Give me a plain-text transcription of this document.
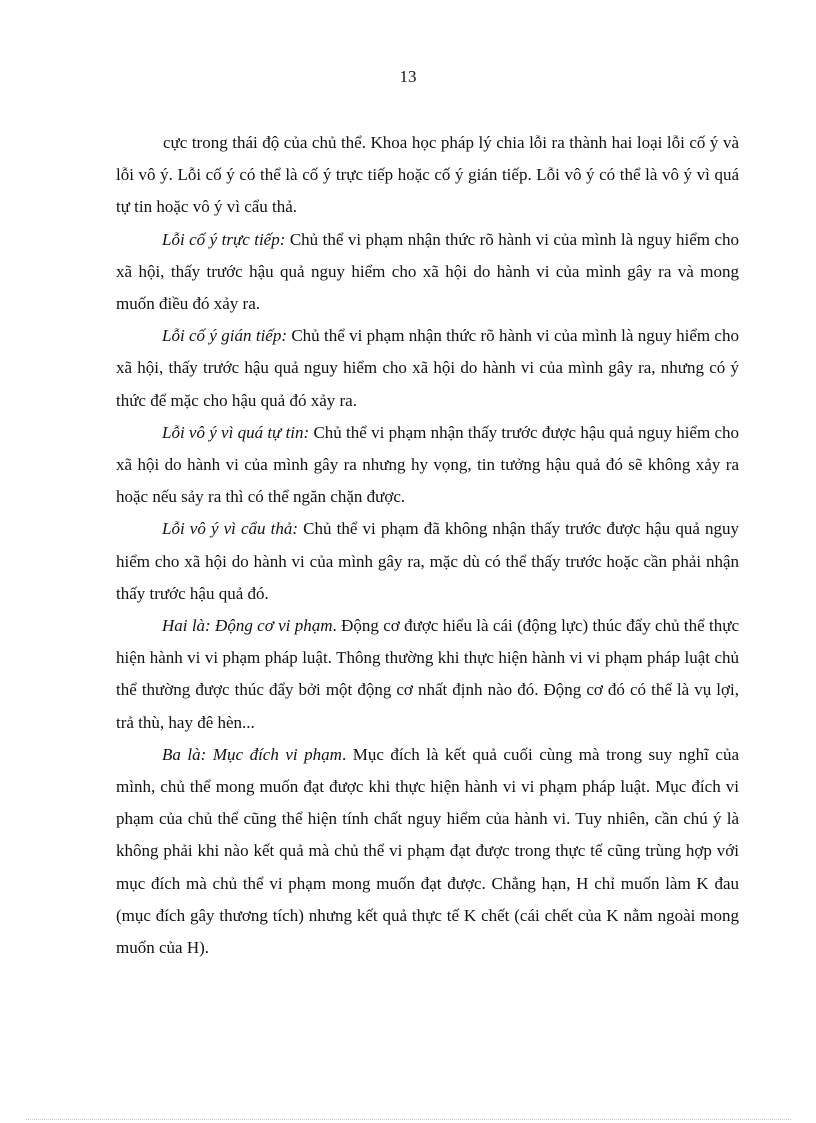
13

cực trong thái độ của chủ thể. Khoa học pháp lý chia lỗi ra thành hai loại lỗi cố ý và lỗi vô ý. Lỗi cố ý có thể là cố ý trực tiếp hoặc cố ý gián tiếp. Lỗi vô ý có thể là vô ý vì quá tự tin hoặc vô ý vì cẩu thả.

Lỗi cố ý trực tiếp: Chủ thể vi phạm nhận thức rõ hành vi của mình là nguy hiểm cho xã hội, thấy trước hậu quả nguy hiểm cho xã hội do hành vi của mình gây ra và mong muốn điều đó xảy ra.

Lỗi cố ý gián tiếp: Chủ thể vi phạm nhận thức rõ hành vi của mình là nguy hiểm cho xã hội, thấy trước hậu quả nguy hiểm cho xã hội do hành vi của mình gây ra, nhưng có ý thức để mặc cho hậu quả đó xảy ra.

Lỗi vô ý vì quá tự tin: Chủ thể vi phạm nhận thấy trước được hậu quả nguy hiểm cho xã hội do hành vi của mình gây ra nhưng hy vọng, tin tưởng hậu quả đó sẽ không xảy ra hoặc nếu sảy ra thì có thể ngăn chặn được.

Lỗi vô ý vì cẩu thả: Chủ thể vi phạm đã không nhận thấy trước được hậu quả nguy hiểm cho xã hội do hành vi của mình gây ra, mặc dù có thể thấy trước hoặc cần phải nhận thấy trước hậu quả đó.

Hai là: Động cơ vi phạm. Động cơ được hiểu là cái (động lực) thúc đẩy chủ thể thực hiện hành vi vi phạm pháp luật. Thông thường khi thực hiện hành vi vi phạm pháp luật chủ thể thường được thúc đẩy bởi một động cơ nhất định nào đó. Động cơ đó có thể là vụ lợi, trả thù, hay đê hèn...

Ba là: Mục đích vi phạm. Mục đích là kết quả cuối cùng mà trong suy nghĩ của mình, chủ thể mong muốn đạt được khi thực hiện hành vi vi phạm pháp luật. Mục đích vi phạm của chủ thể cũng thể hiện tính chất nguy hiểm của hành vi. Tuy nhiên, cần chú ý là không phải khi nào kết quả mà chủ thể vi phạm đạt được trong thực tế cũng trùng hợp với mục đích mà chủ thể vi phạm mong muốn đạt được. Chẳng hạn, H chỉ muốn làm K đau (mục đích gây thương tích) nhưng kết quả thực tế K chết (cái chết của K nằm ngoài mong muốn của H).
